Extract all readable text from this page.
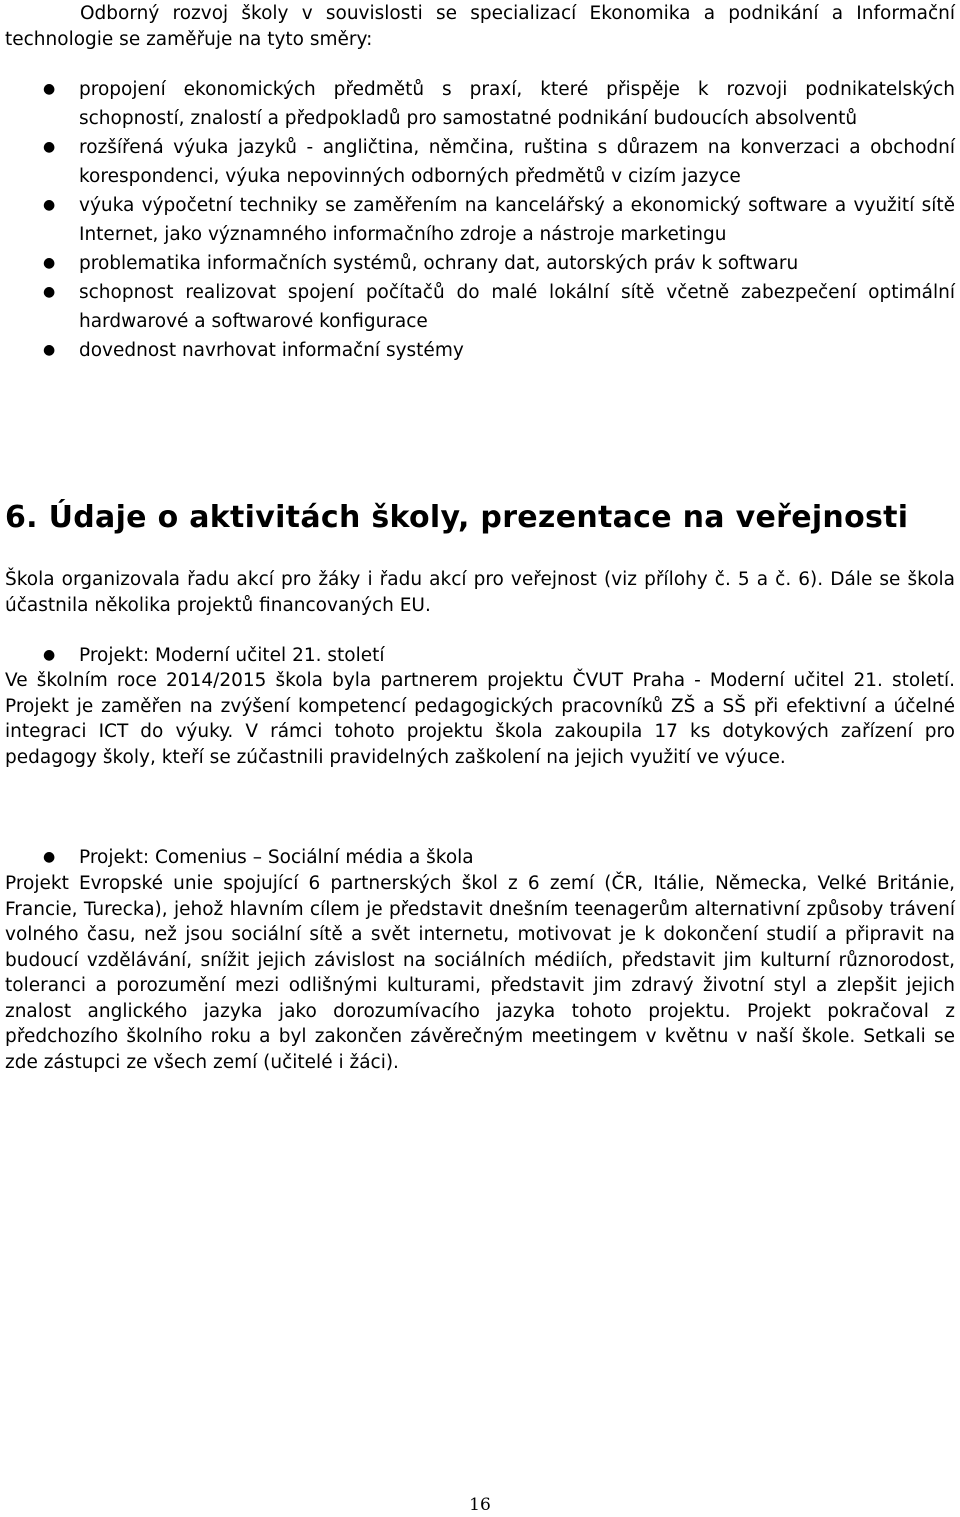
Odborný rozvoj školy v souvislosti se specializací Ekonomika a podnikání a Informační technologie se zaměřuje na tyto směry:

● propojení ekonomických předmětů s praxí, které přispěje k rozvoji podnikatelských schopností, znalostí a předpokladů pro samostatné podnikání budoucích absolventů
● rozšířená výuka jazyků - angličtina, němčina, ruština s důrazem na konverzaci a obchodní korespondenci, výuka nepovinných odborných předmětů v cizím jazyce
● výuka výpočetní techniky se zaměřením na kancelářský a ekonomický software a využití sítě Internet, jako významného informačního zdroje a nástroje marketingu
● problematika informačních systémů, ochrany dat, autorských práv k softwaru
● schopnost realizovat spojení počítačů do malé lokální sítě včetně zabezpečení optimální hardwarové a softwarové konfigurace
● dovednost navrhovat informační systémy
6. Údaje o aktivitách školy, prezentace na veřejnosti

Škola organizovala řadu akcí pro žáky i řadu akcí pro veřejnost (viz přílohy č. 5 a č. 6). Dále se škola účastnila několika projektů financovaných EU.

● Projekt: Moderní učitel 21. století

Ve školním roce 2014/2015 škola byla partnerem projektu ČVUT Praha - Moderní učitel 21. století. Projekt je zaměřen na zvýšení kompetencí pedagogických pracovníků ZŠ a SŠ při efektivní a účelné integraci ICT do výuky. V rámci tohoto projektu škola zakoupila 17 ks dotykových zařízení pro pedagogy školy, kteří se zúčastnili pravidelných zaškolení na jejich využití ve výuce.

● Projekt: Comenius – Sociální média a škola

Projekt Evropské unie spojující 6 partnerských škol z 6 zemí (ČR, Itálie, Německa, Velké Británie, Francie, Turecka), jehož hlavním cílem je představit dnešním teenagerům alternativní způsoby trávení volného času, než jsou sociální sítě a svět internetu, motivovat je k dokončení studií a připravit na budoucí vzdělávání, snížit jejich závislost na sociálních médiích, představit jim kulturní různorodost, toleranci a porozumění mezi odlišnými kulturami, představit jim zdravý životní styl a zlepšit jejich znalost anglického jazyka jako dorozumívacího jazyka tohoto projektu. Projekt pokračoval z předchozího školního roku a byl zakončen závěrečným meetingem v květnu v naší škole. Setkali se zde zástupci ze všech zemí (učitelé i žáci).

16
